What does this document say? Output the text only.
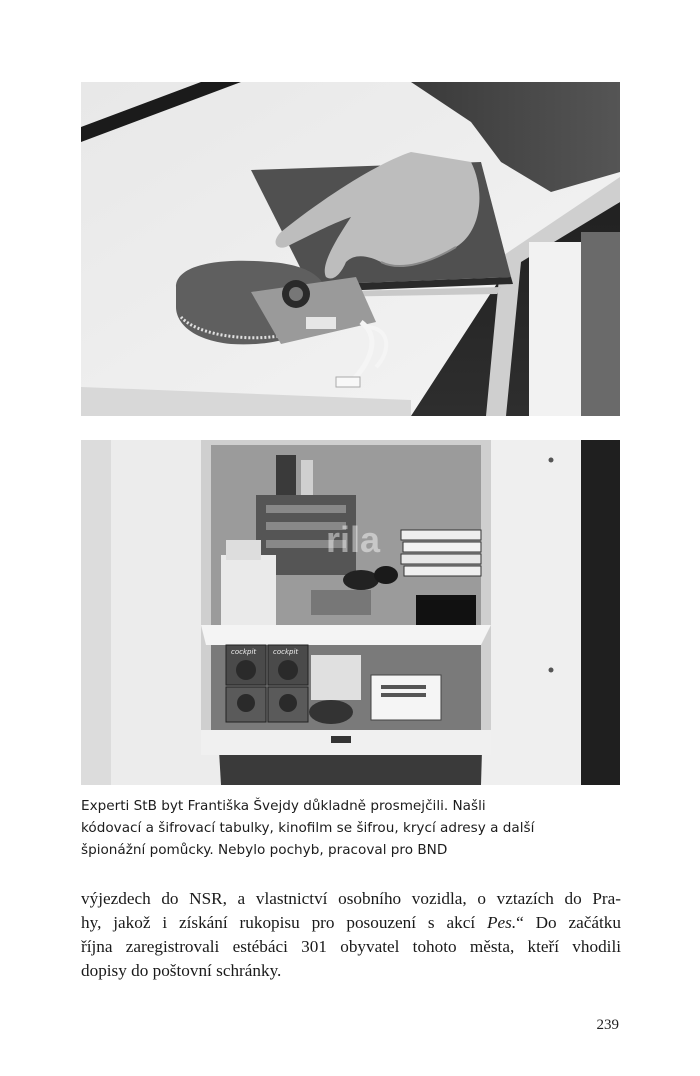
cockpit cockpit
rila
Experti StB byt Františka Švejdy důkladně prosmejčili. Našli
kódovací a šifrovací tabulky, kinofilm se šifrou, krycí adresy a další
špionážní pomůcky. Nebylo pochyb, pracoval pro BND
výjezdech do NSR, a vlastnictví osobního vozidla, o vztazích do Pra-
hy, jakož i získání rukopisu pro posouzení s akcí Pes.“ Do začátku
října zaregistrovali estébáci 301 obyvatel tohoto města, kteří vhodili
dopisy do poštovní schránky.
239
